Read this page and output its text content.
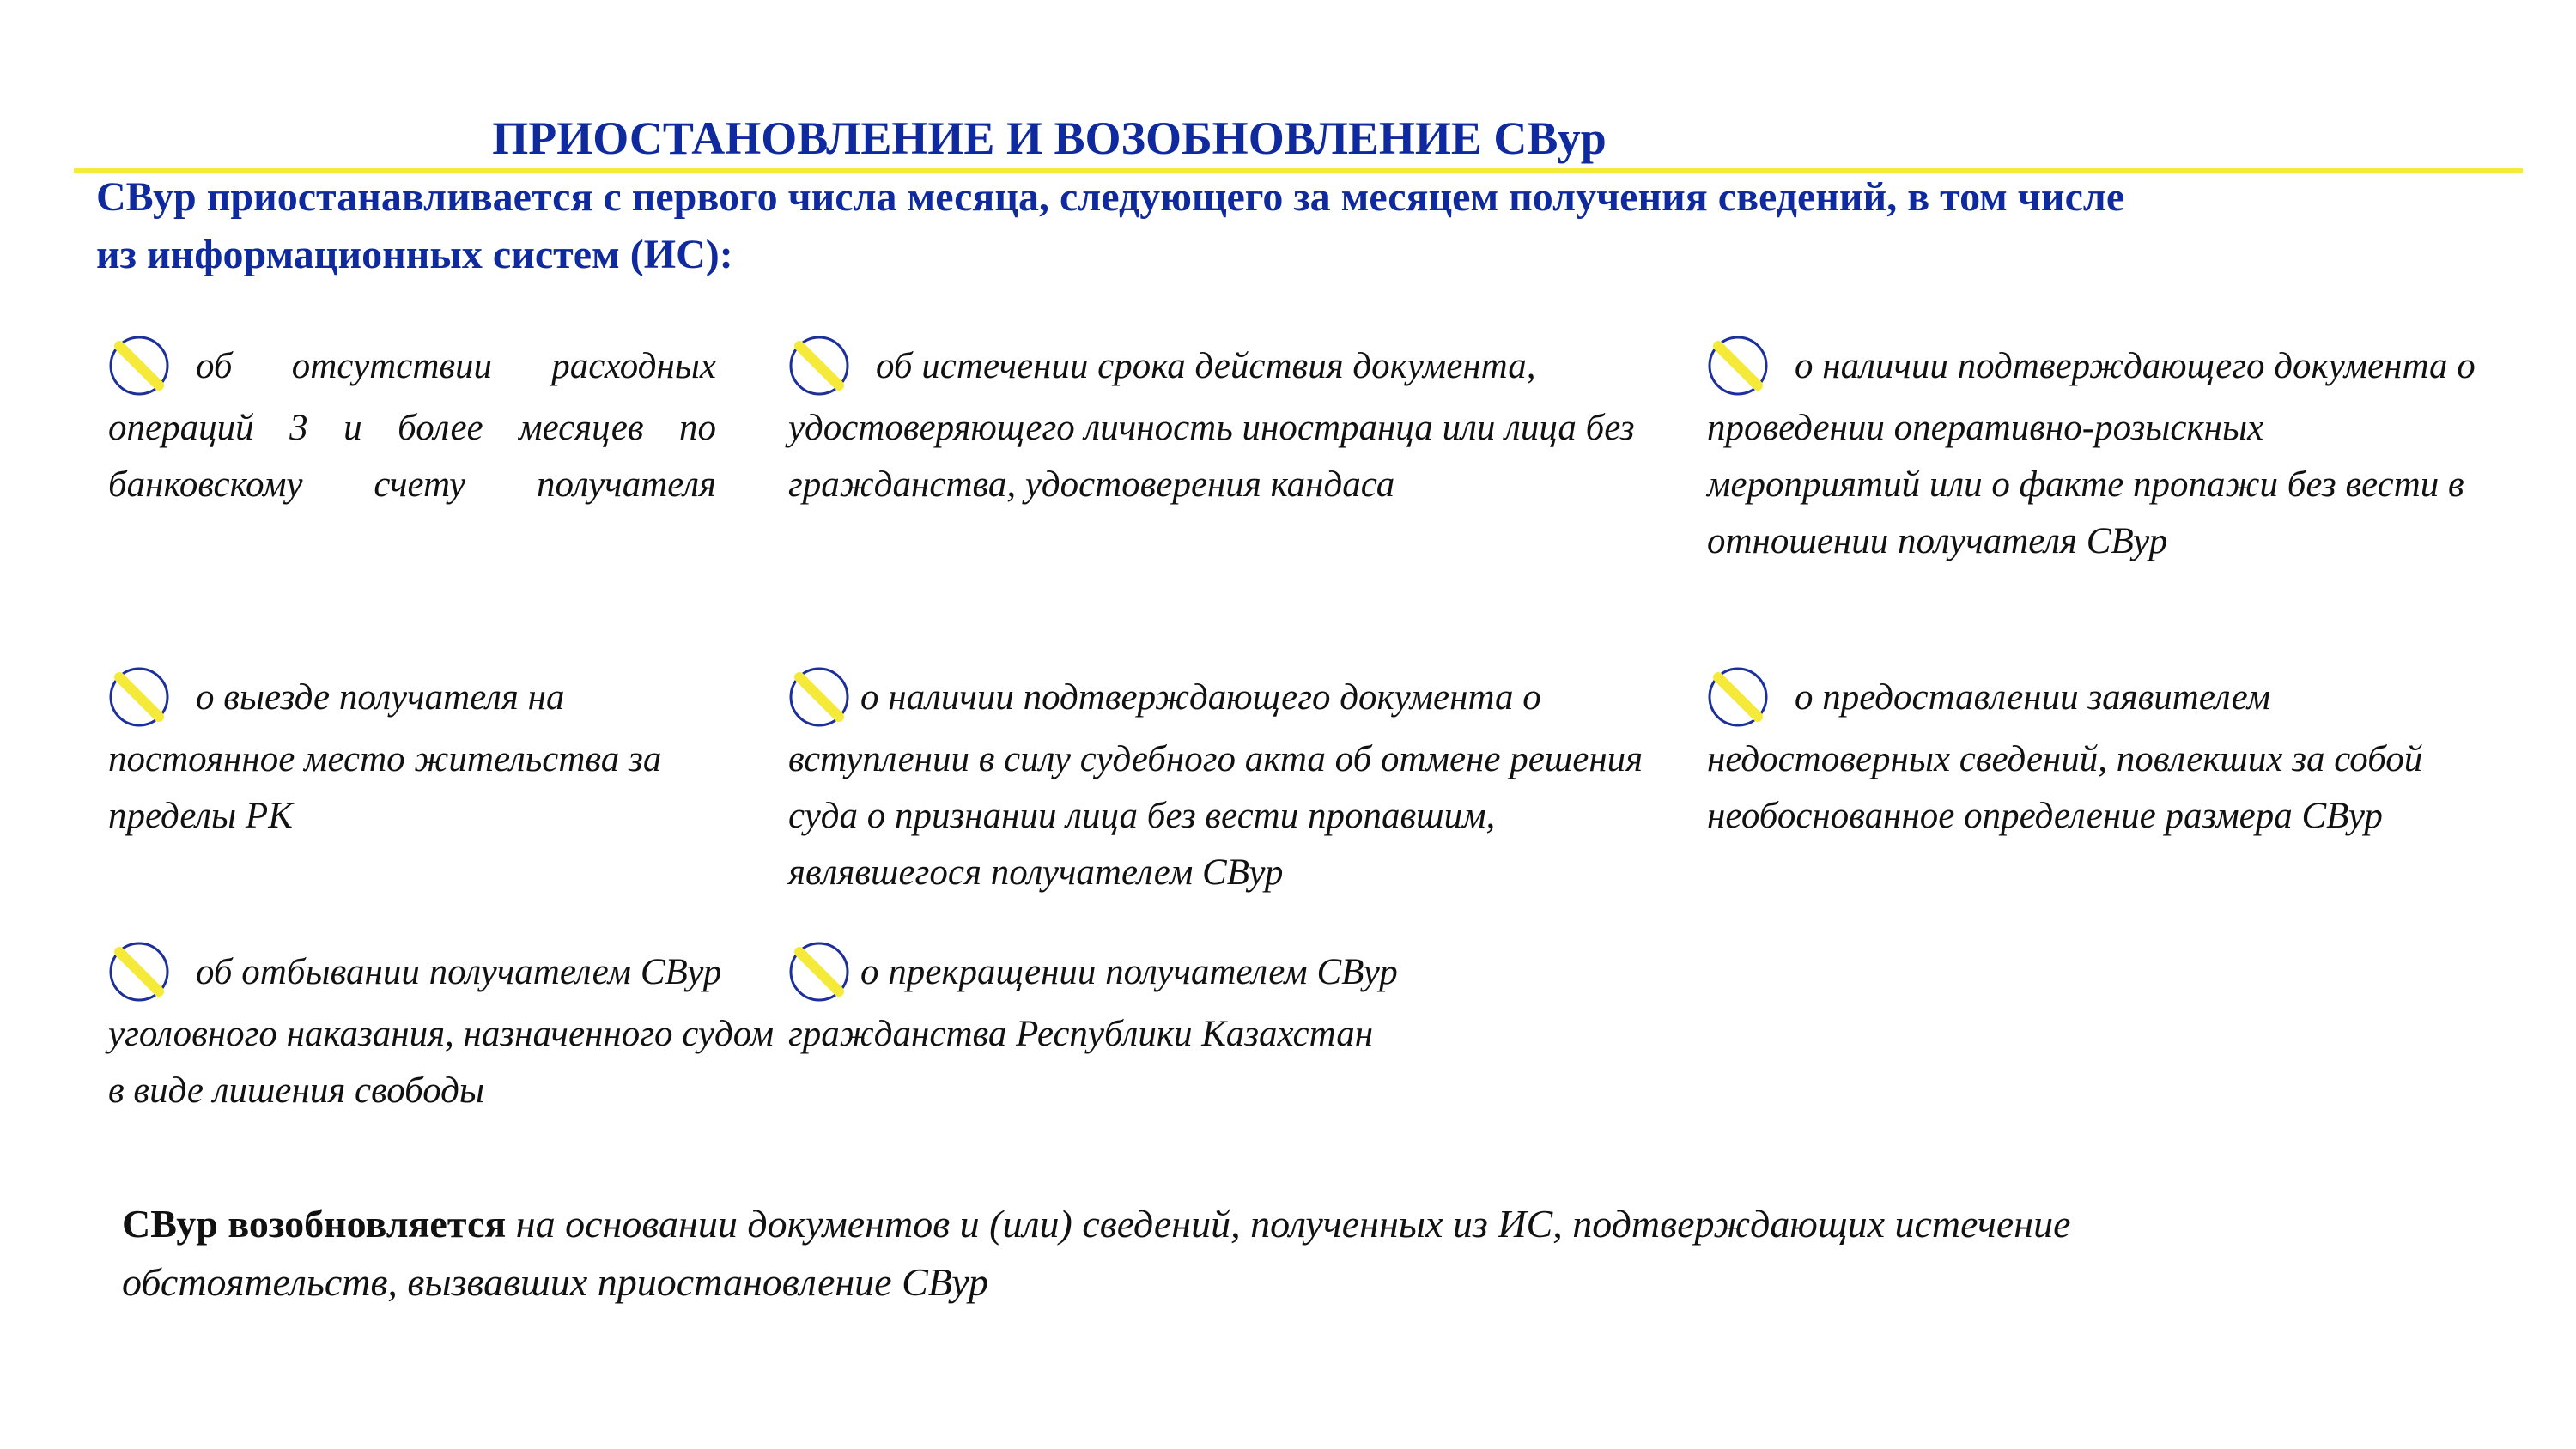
ПРИОСТАНОВЛЕНИЕ И ВОЗОБНОВЛЕНИЕ СВур

СВур приостанавливается с первого числа месяца, следующего за месяцем получения сведений, в том числе
из информационных систем (ИС):

об отсутствии расходных операций 3 и более месяцев по банковскому счету получателя

об истечении срока действия документа, удостоверяющего личность иностранца или лица без гражданства, удостоверения кандаса

о наличии подтверждающего документа о проведении оперативно-розыскных мероприятий или о факте пропажи без вести в отношении получателя СВур

о выезде получателя на постоянное место жительства за пределы РК

о наличии подтверждающего документа о вступлении в силу судебного акта об отмене решения суда о признании лица без вести пропавшим, являвшегося получателем СВур

о предоставлении заявителем недостоверных сведений, повлекших за собой необоснованное определение размера СВур

об отбывании получателем СВур уголовного наказания, назначенного судом в виде лишения свободы

о прекращении получателем СВур гражданства Республики Казахстан

СВур возобновляется на основании документов и (или) сведений, полученных из ИС, подтверждающих истечение обстоятельств, вызвавших приостановление СВур
